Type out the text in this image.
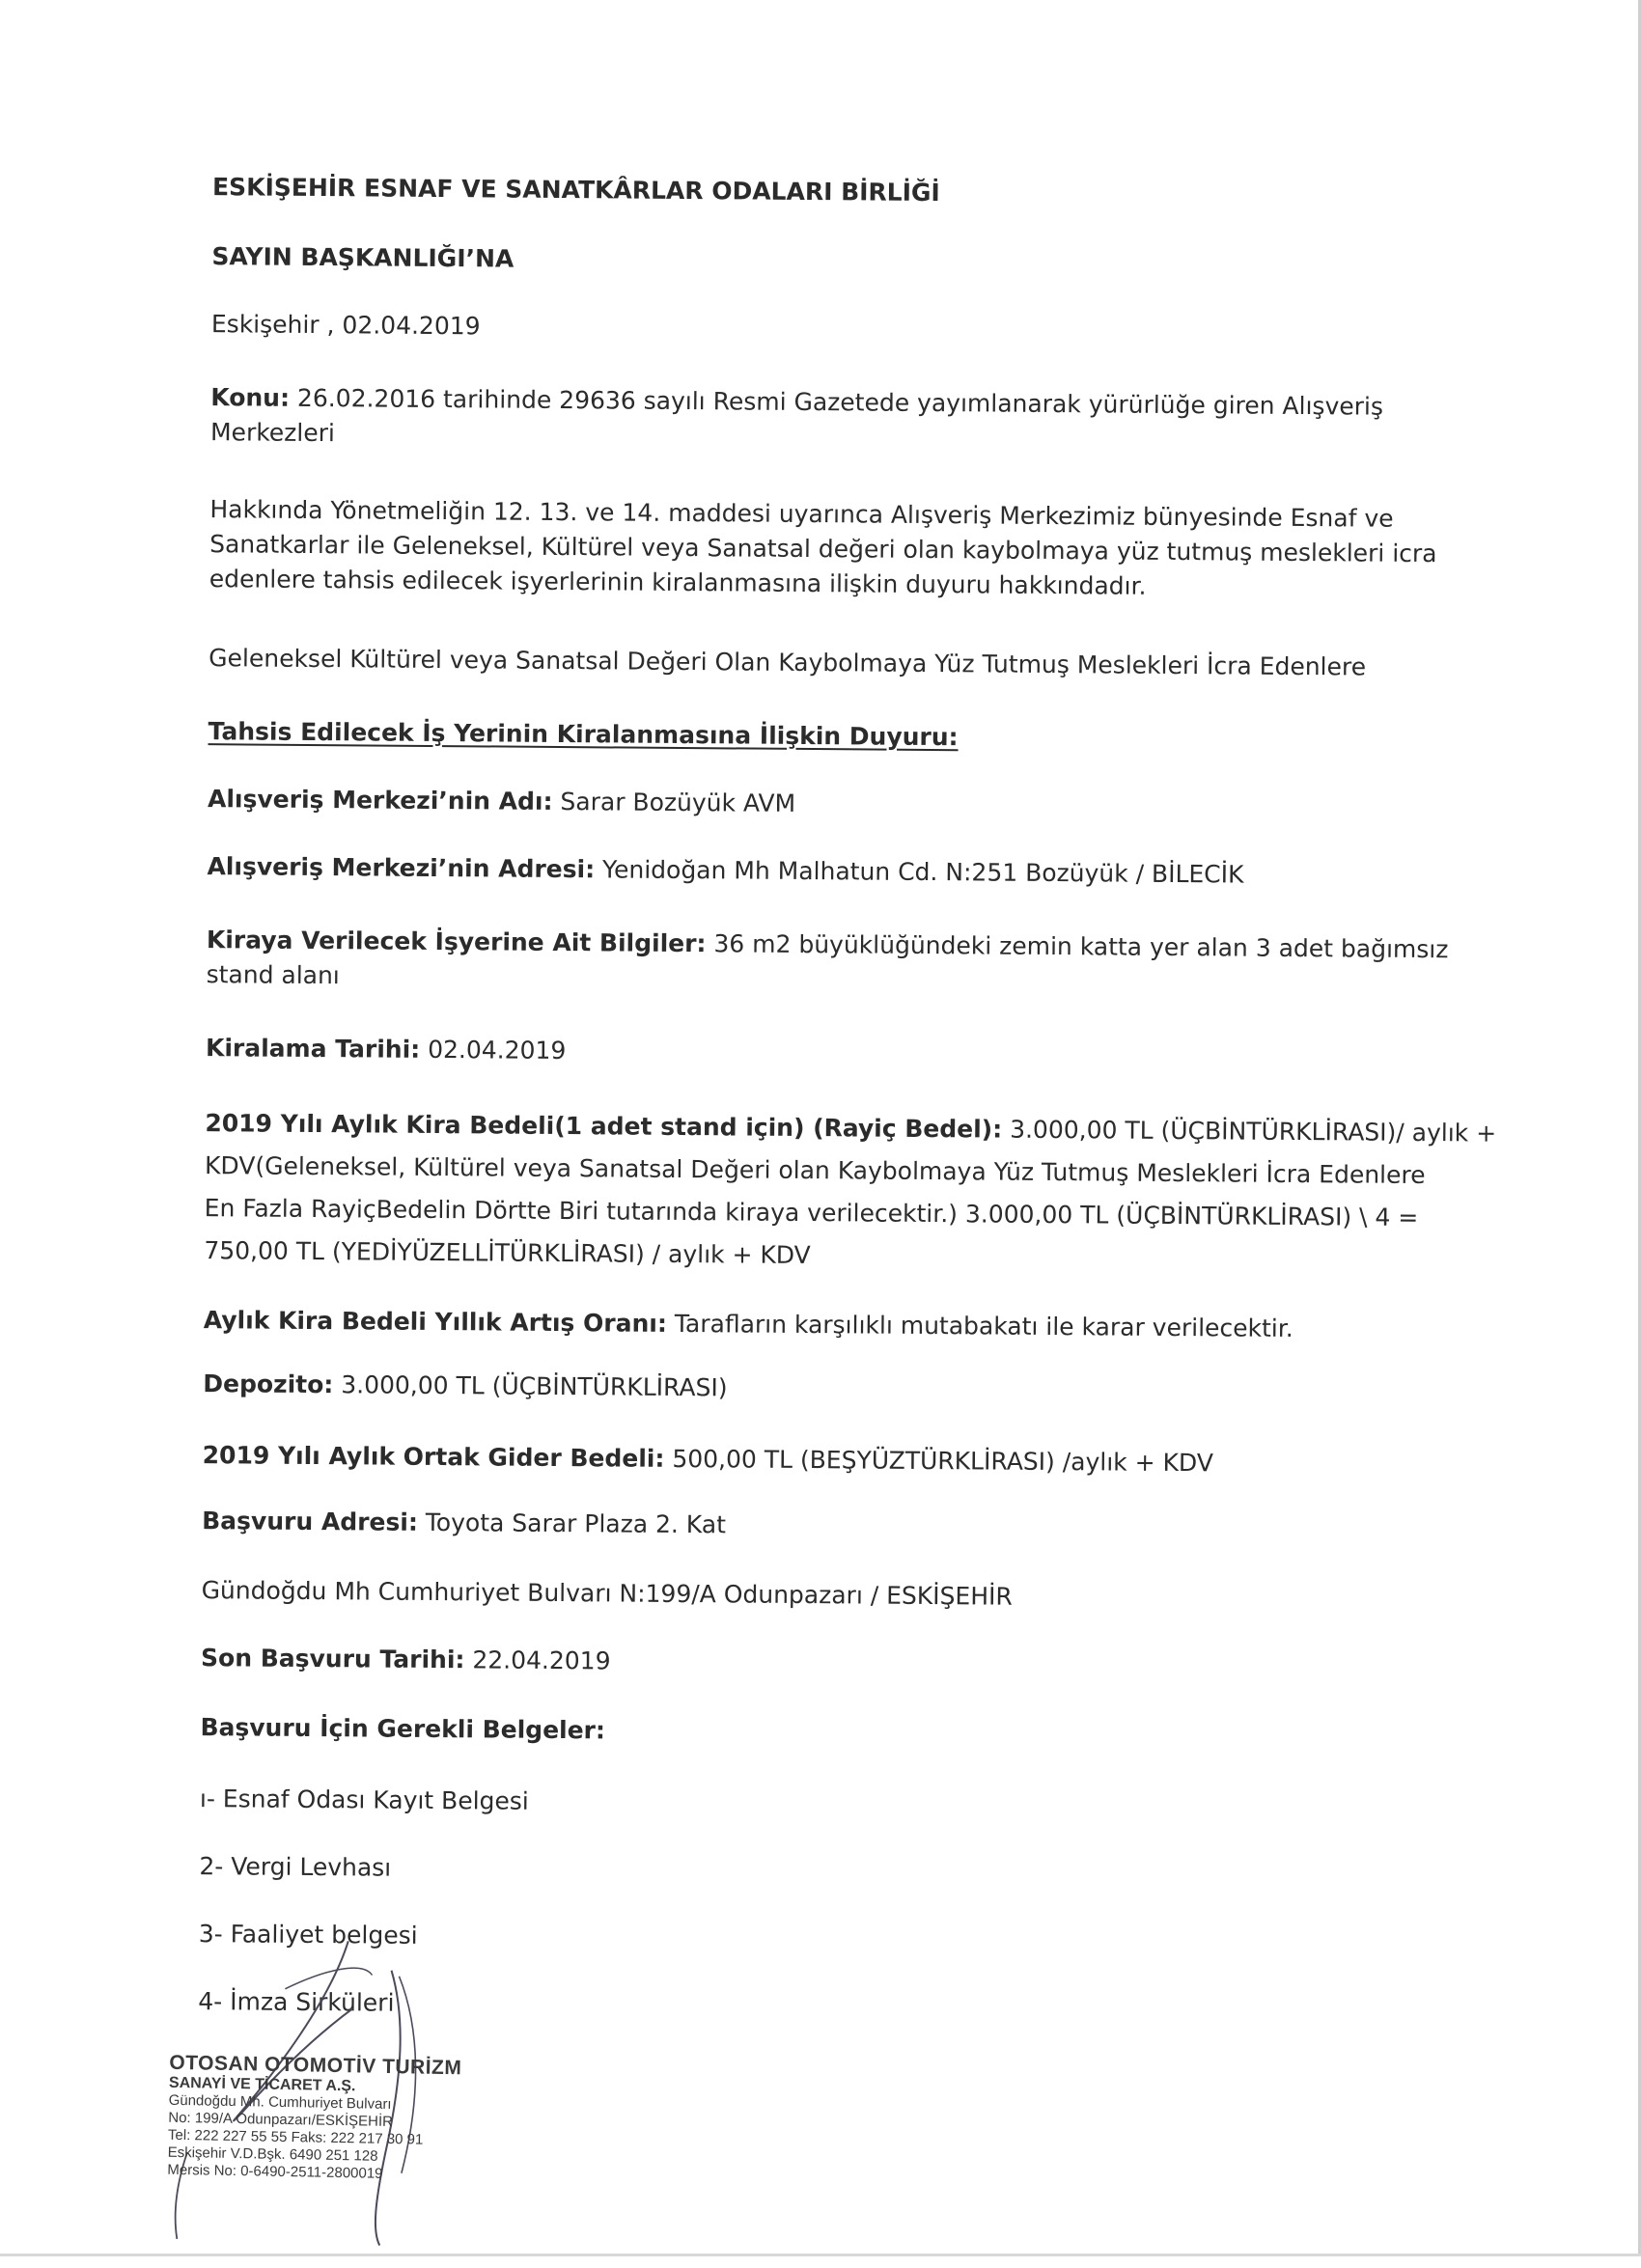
ESKİŞEHİR ESNAF VE SANATKÂRLAR ODALARI BİRLİĞİ
SAYIN BAŞKANLIĞI’NA
Eskişehir , 02.04.2019
Konu: 26.02.2016 tarihinde 29636 sayılı Resmi Gazetede yayımlanarak yürürlüğe giren Alışveriş
Merkezleri
Hakkında Yönetmeliğin 12. 13. ve 14. maddesi uyarınca Alışveriş Merkezimiz bünyesinde Esnaf ve
Sanatkarlar ile Geleneksel, Kültürel veya Sanatsal değeri olan kaybolmaya yüz tutmuş meslekleri icra
edenlere tahsis edilecek işyerlerinin kiralanmasına ilişkin duyuru hakkındadır.
Geleneksel Kültürel veya Sanatsal Değeri Olan Kaybolmaya Yüz Tutmuş Meslekleri İcra Edenlere
Tahsis Edilecek İş Yerinin Kiralanmasına İlişkin Duyuru:
Alışveriş Merkezi’nin Adı: Sarar Bozüyük AVM
Alışveriş Merkezi’nin Adresi: Yenidoğan Mh Malhatun Cd. N:251 Bozüyük / BİLECİK
Kiraya Verilecek İşyerine Ait Bilgiler: 36 m2 büyüklüğündeki zemin katta yer alan 3 adet bağımsız
stand alanı
Kiralama Tarihi: 02.04.2019
2019 Yılı Aylık Kira Bedeli(1 adet stand için) (Rayiç Bedel): 3.000,00 TL (ÜÇBİNTÜRKLİRASI)/ aylık +
KDV(Geleneksel, Kültürel veya Sanatsal Değeri olan Kaybolmaya Yüz Tutmuş Meslekleri İcra Edenlere
En Fazla RayiçBedelin Dörtte Biri tutarında kiraya verilecektir.) 3.000,00 TL (ÜÇBİNTÜRKLİRASI) \ 4 =
750,00 TL (YEDİYÜZELLİTÜRKLİRASI) / aylık + KDV
Aylık Kira Bedeli Yıllık Artış Oranı: Tarafların karşılıklı mutabakatı ile karar verilecektir.
Depozito: 3.000,00 TL (ÜÇBİNTÜRKLİRASI)
2019 Yılı Aylık Ortak Gider Bedeli: 500,00 TL (BEŞYÜZTÜRKLİRASI) /aylık + KDV
Başvuru Adresi: Toyota Sarar Plaza 2. Kat
Gündoğdu Mh Cumhuriyet Bulvarı N:199/A Odunpazarı / ESKİŞEHİR
Son Başvuru Tarihi: 22.04.2019
Başvuru İçin Gerekli Belgeler:
ı- Esnaf Odası Kayıt Belgesi
2- Vergi Levhası
3- Faaliyet belgesi
4- İmza Sirküleri
OTOSAN OTOMOTİV TURİZM
SANAYİ VE TİCARET A.Ş.
Gündoğdu Mh. Cumhuriyet Bulvarı
No: 199/A Odunpazarı/ESKİŞEHİR
Tel: 222 227 55 55 Faks: 222 217 30 91
Eskişehir V.D.Bşk. 6490 251 128
Mersis No: 0-6490-2511-2800019
